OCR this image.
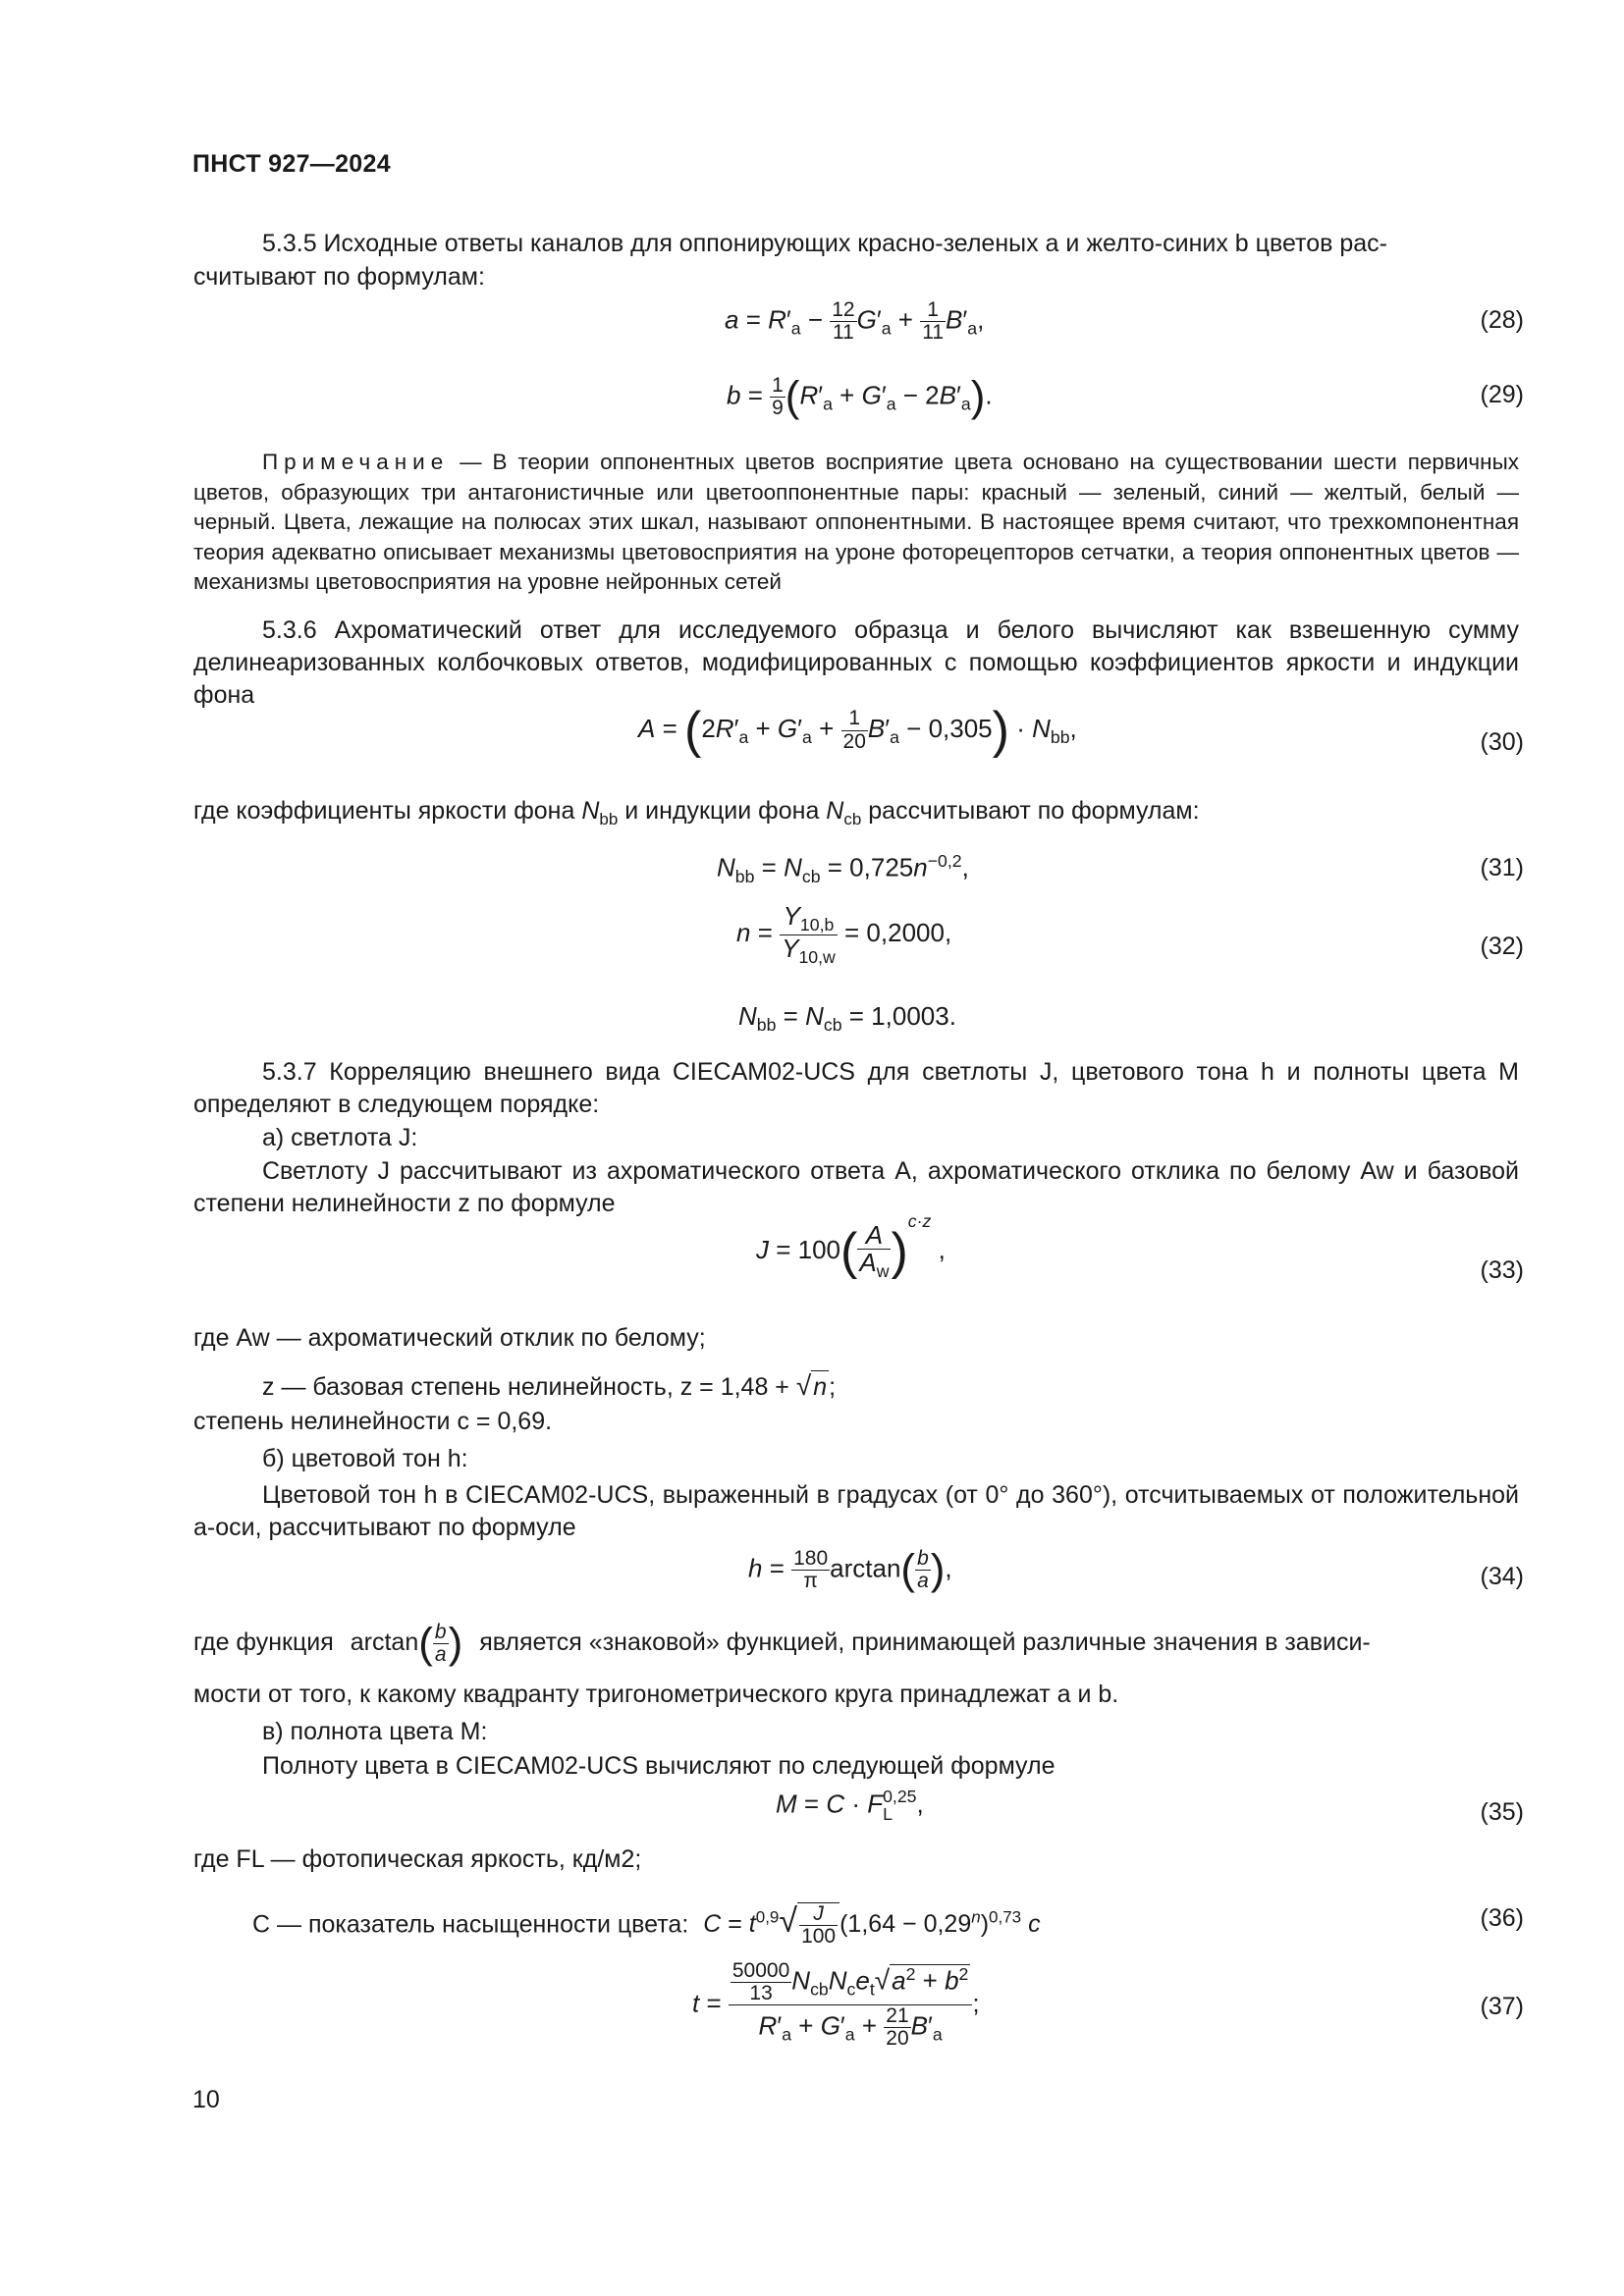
ПНСТ 927—2024
5.3.5 Исходные ответы каналов для оппонирующих красно-зеленых a и желто-синих b цветов рас-
считывают по формулам:
$a = R'_a - \frac{12}{11} G'_a + \frac{1}{11} B'_a$,	(28)
$b = \frac{1}{9} (R'_a + G'_a - 2B'_a)$.	(29)
Примечание — В теории оппонентных цветов восприятие цвета основано на существовании шести первичных цветов, образующих три антагонистичные или цветооппонентные пары: красный — зеленый, синий — желтый, белый — черный. Цвета, лежащие на полюсах этих шкал, называют оппонентными. В настоящее время считают, что трехкомпонентная теория адекватно описывает механизмы цветовосприятия на уроне фоторецепторов сетчатки, а теория оппонентных цветов — механизмы цветовосприятия на уровне нейронных сетей
5.3.6 Ахроматический ответ для исследуемого образца и белого вычисляют как взвешенную сумму делинеаризованных колбочковых ответов, модифицированных с помощью коэффициентов яркости и индукции фона
$A = (2R'_a + G'_a + \frac{1}{20} B'_a - 0,305) \cdot N_{bb}$,	(30)
где коэффициенты яркости фона $N_{bb}$ и индукции фона $N_{cb}$ рассчитывают по формулам:
$N_{bb} = N_{cb} = 0,725n^{-0,2}$,	(31)
$n = \frac{Y_{10,b}}{Y_{10,w}} = 0,2000$,	(32)
$N_{bb} = N_{cb} = 1,0003$.
5.3.7 Корреляцию внешнего вида CIECAM02-UCS для светлоты J, цветового тона h и полноты цвета M определяют в следующем порядке:
а) светлота J:
Светлоту J рассчитывают из ахроматического ответа A, ахроматического отклика по белому Aw и базовой степени нелинейности z по формуле
$J = 100( \frac{A}{A_w} )^{c\cdot z}$ ,
(33)
где Aw — ахроматический отклик по белому;
z — базовая степень нелинейность, z = 1,48 + √n;
степень нелинейности c = 0,69.
б) цветовой тон h:
Цветовой тон h в CIECAM02-UCS, выраженный в градусах (от 0° до 360°), отсчитываемых от положительной a-оси, рассчитывают по формуле
$h = \frac{180}{\pi} \arctan( \frac{b}{a}$ ),	(34)
где функция $\arctan( \frac{b}{a}$ ) является «знаковой» функцией, принимающей различные значения в зависи-
мости от того, к какому квадранту тригонометрического круга принадлежат a и b.
в) полнота цвета M:
Полноту цвета в CIECAM02-UCS вычисляют по следующей формуле
M = C · F 0,25
L ,	(35)
где FL — фотопическая яркость, кд/м2;
C — показатель насыщенности цвета: $C = t^{0,9}√ \frac{J}{100} (1,64 - 0,29^n)^{0,73}$ c	(36)
$t = \frac{\frac{50000}{13} N_{cb}N_ce_t√a^2 + b^2}{R'_a + G'_a + \frac{21}{20} B'_a}$ ;	(37)
10
